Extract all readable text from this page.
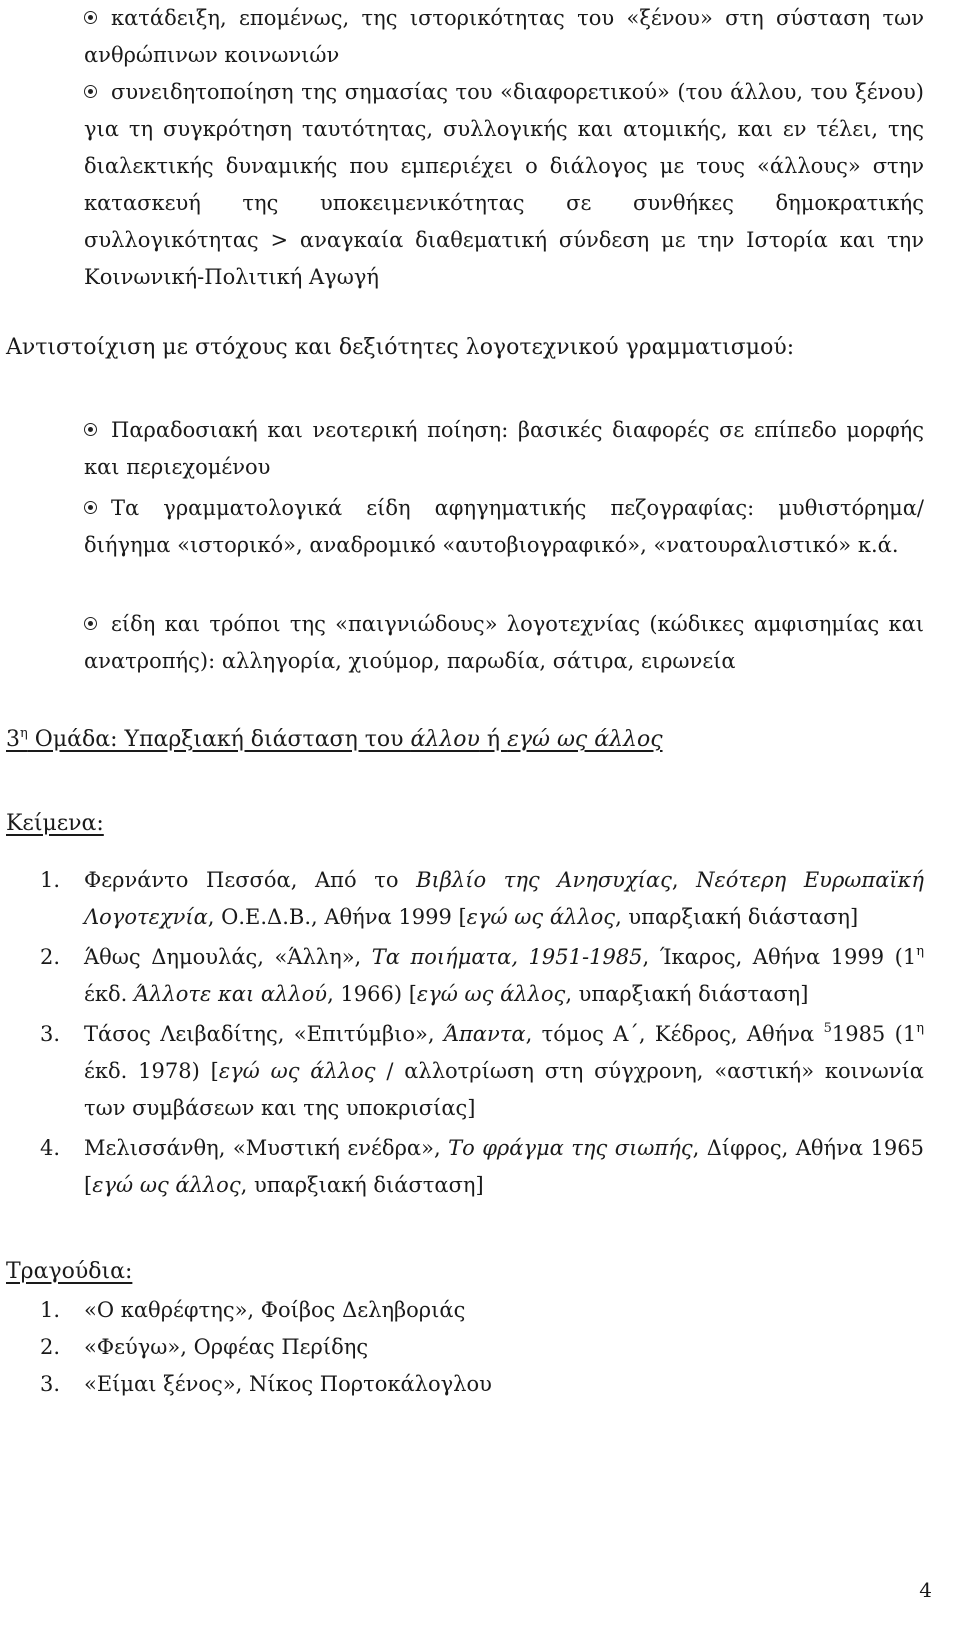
κατάδειξη, επομένως, της ιστορικότητας του «ξένου» στη σύσταση των ανθρώπινων κοινωνιών
συνειδητοποίηση της σημασίας του «διαφορετικού» (του άλλου, του ξένου) για τη συγκρότηση ταυτότητας, συλλογικής και ατομικής, και εν τέλει, της διαλεκτικής δυναμικής που εμπεριέχει ο διάλογος με τους «άλλους» στην κατασκευή της υποκειμενικότητας σε συνθήκες δημοκρατικής συλλογικότητας > αναγκαία διαθεματική σύνδεση με την Ιστορία και την Κοινωνική-Πολιτική Αγωγή
Αντιστοίχιση με στόχους και δεξιότητες λογοτεχνικού γραμματισμού:
Παραδοσιακή και νεοτερική ποίηση: βασικές διαφορές σε επίπεδο μορφής και περιεχομένου
Τα γραμματολογικά είδη αφηγηματικής πεζογραφίας: μυθιστόρημα/ διήγημα «ιστορικό», αναδρομικό «αυτοβιογραφικό», «νατουραλιστικό» κ.ά.
είδη και τρόποι της «παιγνιώδους» λογοτεχνίας (κώδικες αμφισημίας και ανατροπής): αλληγορία, χιούμορ, παρωδία, σάτιρα, ειρωνεία
$3^\eta$ Ομάδα: Υπαρξιακή διάσταση του άλλου ή εγώ ως άλλος
Κείμενα:
1.	Φερνάντο Πεσσόα, Από το Βιβλίο της Ανησυχίας, Νεότερη Ευρωπαϊκή Λογοτεχνία, Ο.Ε.Δ.Β., Αθήνα 1999 [εγώ ως άλλος, υπαρξιακή διάσταση]
2.	Άθως Δημουλάς, «Άλλη», Τα ποιήματα, 1951-1985, Ίκαρος, Αθήνα 1999 ($1^\eta$ έκδ. Άλλοτε και αλλού, 1966) [εγώ ως άλλος, υπαρξιακή διάσταση]
3.	Τάσος Λειβαδίτης, «Επιτύμβιο», Άπαντα, τόμος Α΄, Κέδρος, Αθήνα $^5$1985 ($1^\eta$ έκδ. 1978) [εγώ ως άλλος / αλλοτρίωση στη σύγχρονη, «αστική» κοινωνία των συμβάσεων και της υποκρισίας]
4.	Μελισσάνθη, «Μυστική ενέδρα», Το φράγμα της σιωπής, Δίφρος, Αθήνα 1965 [εγώ ως άλλος, υπαρξιακή διάσταση]
Τραγούδια:
1.	«Ο καθρέφτης», Φοίβος Δεληβοριάς
2.	«Φεύγω», Ορφέας Περίδης
3.	«Είμαι ξένος», Νίκος Πορτοκάλογλου
4
